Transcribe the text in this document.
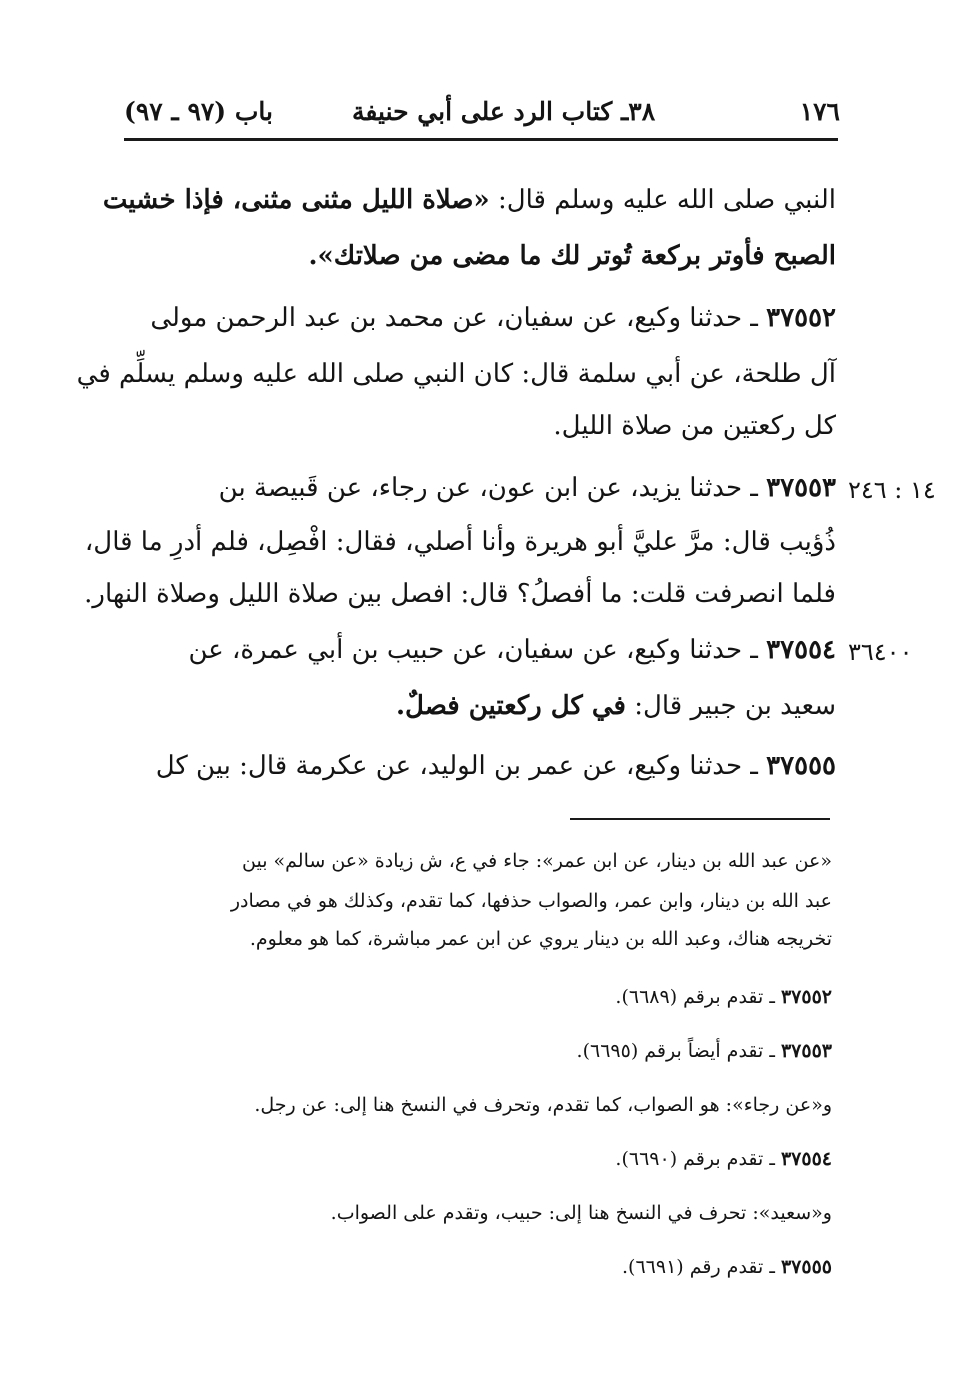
١٧٦
٣٨ـ كتاب الرد على أبي حنيفة
باب (٩٧ ـ ٩٧)
النبي صلى الله عليه وسلم قال: «صلاة الليل مثنى مثنى، فإذا خشيت
الصبح فأوتر بركعة تُوتر لك ما مضى من صلاتك».
٣٧٥٥٢ ـ حدثنا وكيع، عن سفيان، عن محمد بن عبد الرحمن مولى
آل طلحة، عن أبي سلمة قال: كان النبي صلى الله عليه وسلم يسلِّم في
كل ركعتين من صلاة الليل.
١٤ : ٢٤٦
٣٧٥٥٣ ـ حدثنا يزيد، عن ابن عون، عن رجاء، عن قَبيصة بن
ذُؤيب قال: مرَّ عليَّ أبو هريرة وأنا أصلي، فقال: افْصِل، فلم أدرِ ما قال،
فلما انصرفت قلت: ما أفصلُ؟ قال: افصل بين صلاة الليل وصلاة النهار.
٣٦٤٠٠
٣٧٥٥٤ ـ حدثنا وكيع، عن سفيان، عن حبيب بن أبي عمرة، عن
سعيد بن جبير قال: في كل ركعتين فصلٌ.
٣٧٥٥٥ ـ حدثنا وكيع، عن عمر بن الوليد، عن عكرمة قال: بين كل
«عن عبد الله بن دينار، عن ابن عمر»: جاء في ع، ش زيادة «عن سالم» بين
عبد الله بن دينار، وابن عمر، والصواب حذفها، كما تقدم، وكذلك هو في مصادر
تخريجه هناك، وعبد الله بن دينار يروي عن ابن عمر مباشرة، كما هو معلوم.
٣٧٥٥٢ ـ تقدم برقم (٦٦٨٩).
٣٧٥٥٣ ـ تقدم أيضاً برقم (٦٦٩٥).
و«عن رجاء»: هو الصواب، كما تقدم، وتحرف في النسخ هنا إلى: عن رجل.
٣٧٥٥٤ ـ تقدم برقم (٦٦٩٠).
و«سعيد»: تحرف في النسخ هنا إلى: حبيب، وتقدم على الصواب.
٣٧٥٥٥ ـ تقدم رقم (٦٦٩١).
